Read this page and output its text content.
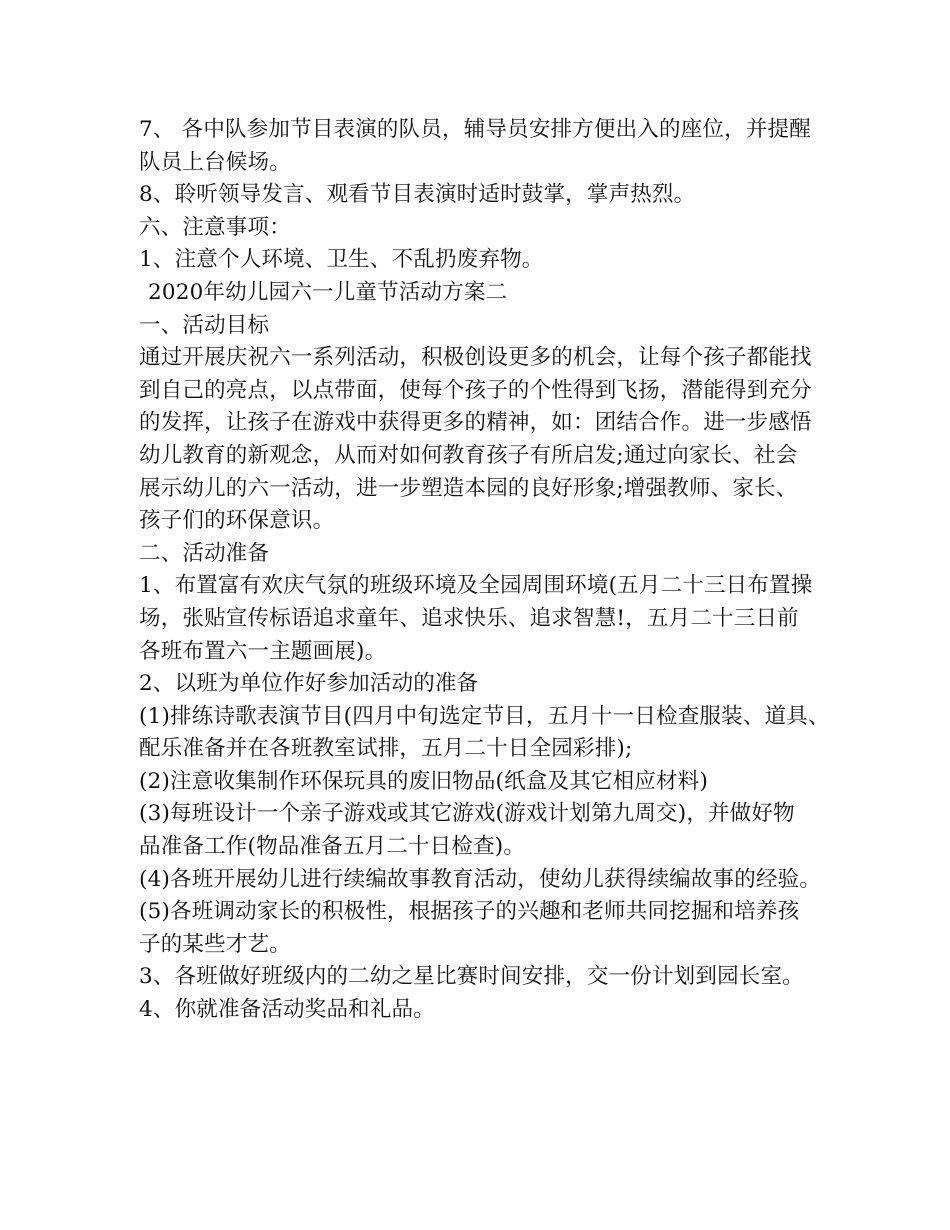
7、 各中队参加节目表演的队员，辅导员安排方便出入的座位，并提醒
队员上台候场。
8、聆听领导发言、观看节目表演时适时鼓掌，掌声热烈。
六、注意事项：
1、注意个人环境、卫生、不乱扔废弃物。
2020年幼儿园六一儿童节活动方案二
一、活动目标
通过开展庆祝六一系列活动，积极创设更多的机会，让每个孩子都能找
到自己的亮点，以点带面，使每个孩子的个性得到飞扬，潜能得到充分
的发挥，让孩子在游戏中获得更多的精神，如：团结合作。进一步感悟
幼儿教育的新观念，从而对如何教育孩子有所启发;通过向家长、社会
展示幼儿的六一活动，进一步塑造本园的良好形象;增强教师、家长、
孩子们的环保意识。
二、活动准备
1、布置富有欢庆气氛的班级环境及全园周围环境(五月二十三日布置操
场，张贴宣传标语追求童年、追求快乐、追求智慧!，五月二十三日前
各班布置六一主题画展)。
2、以班为单位作好参加活动的准备
(1)排练诗歌表演节目(四月中旬选定节目，五月十一日检查服装、道具、
配乐准备并在各班教室试排，五月二十日全园彩排);
(2)注意收集制作环保玩具的废旧物品(纸盒及其它相应材料)
(3)每班设计一个亲子游戏或其它游戏(游戏计划第九周交)，并做好物
品准备工作(物品准备五月二十日检查)。
(4)各班开展幼儿进行续编故事教育活动，使幼儿获得续编故事的经验。
(5)各班调动家长的积极性，根据孩子的兴趣和老师共同挖掘和培养孩
子的某些才艺。
3、各班做好班级内的二幼之星比赛时间安排，交一份计划到园长室。
4、你就准备活动奖品和礼品。
